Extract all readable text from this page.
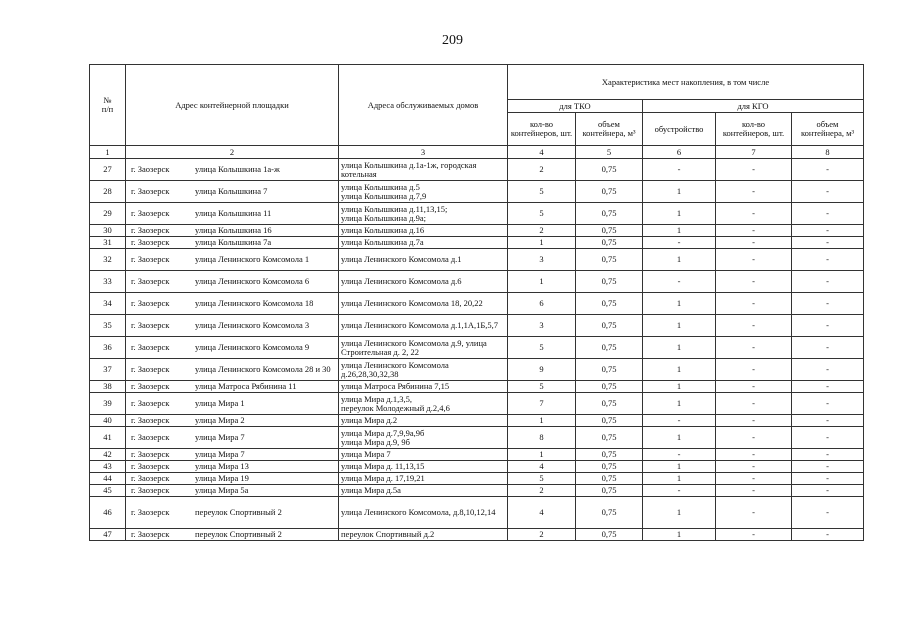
209
№
п/п	Адрес контейнерной площадки	Адреса обслуживаемых домов	Характеристика мест накопления, в том числе				
			для ТКО		для КГО		
			кол-во контейнеров, шт.	объем контейнера, м³	обустройство	кол-во контейнеров, шт.	объем контейнера, м³
1	2	3	4	5	6	7	8
27	г. Заозерск улица Колышкина 1а-ж	улица Колышкина д.1а-1ж, городская котельная	2	0,75	-	-	-
28	г. Заозерск улица Колышкина 7	улица Колышкина д.5
улица Колышкина д.7,9	5	0,75	1	-	-
29	г. Заозерск улица Колышкина 11	улица Колышкина д.11,13,15;
улица Колышкина д.9а;	5	0,75	1	-	-
30	г. Заозерск улица Колышкина 16	улица Колышкина д.16	2	0,75	1	-	-
31	г. Заозерск улица Колышкина 7а	улица Колышкина д.7а	1	0,75	-	-	-
32	г. Заозерск улица Ленинского Комсомола 1	улица Ленинского Комсомола д.1	3	0,75	1	-	-
33	г. Заозерск улица Ленинского Комсомола 6	улица Ленинского Комсомола д.6	1	0,75	-	-	-
34	г. Заозерск улица Ленинского Комсомола 18	улица Ленинского Комсомола 18, 20,22	6	0,75	1	-	-
35	г. Заозерск улица Ленинского Комсомола 3	улица Ленинского Комсомола д.1,1А,1Б,5,7	3	0,75	1	-	-
36	г. Заозерск улица Ленинского Комсомола 9	улица Ленинского Комсомола д.9, улица Строительная д. 2, 22	5	0,75	1	-	-
37	г. Заозерск улица Ленинского Комсомола 28 и 30	улица Ленинского Комсомола д.26,28,30,32,38	9	0,75	1	-	-
38	г. Заозерск улица Матроса Рябинина 11	улица Матроса Рябинина 7,15	5	0,75	1	-	-
39	г. Заозерск улица Мира 1	улица Мира д.1,3,5,
переулок Молодежный д.2,4,6	7	0,75	1	-	-
40	г. Заозерск улица Мира 2	улица Мира д.2	1	0,75	-	-	-
41	г. Заозерск улица Мира 7	улица Мира д.7,9,9а,9б
улица Мира д.9, 9б	8	0,75	1	-	-
42	г. Заозерск улица Мира 7	улица Мира 7	1	0,75	-	-	-
43	г. Заозерск улица Мира 13	улица Мира д. 11,13,15	4	0,75	1	-	-
44	г. Заозерск улица Мира 19	улица Мира д. 17,19,21	5	0,75	1	-	-
45	г. Заозерск улица Мира 5а	улица Мира д.5а	2	0,75	-	-	-
46	г. Заозерск переулок Спортивный 2	улица Ленинского Комсомола, д.8,10,12,14	4	0,75	1	-	-
47	г. Заозерск переулок Спортивный 2	переулок Спортивный д.2	2	0,75	1	-	-
